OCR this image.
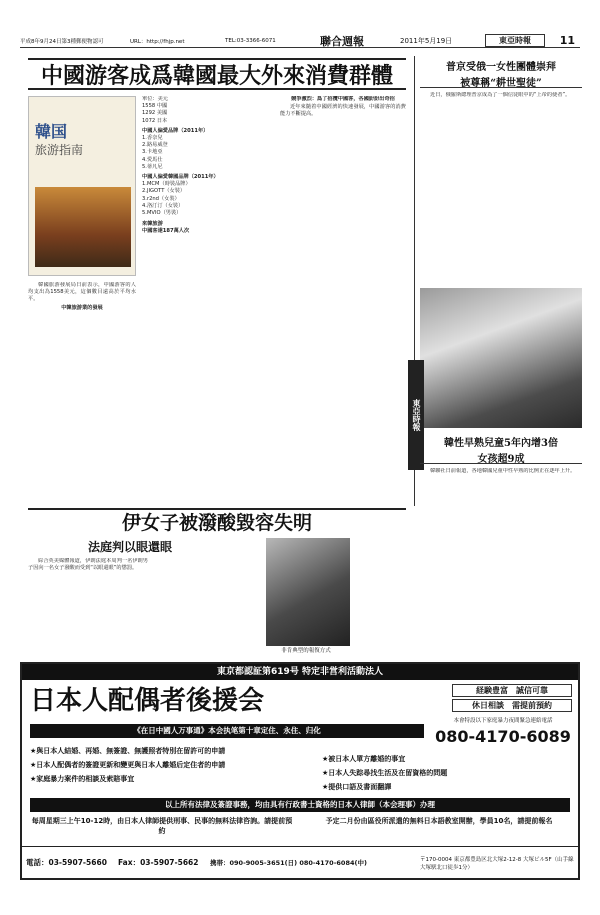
平成8年9月24日第3種郵便物認可	URL：http://fhjp.net	TEL:03-3366-6071	聯合週報	2011年5月19日	東亞時報	11
中國游客成爲韓國最大外來消費群體
韓国
旅游指南

韓國旅游發展局日前表示，中國游客的人均支出為1558美元，這個數目遠高於平均水平。

中韓旅游業的發展

單位：美元
1558 中國
1292 美國
1072 日本
中國人偏愛品牌（2011年）
1.香奈兒
2.路易威登
3.卡地亞
4.愛馬仕
5.蒂凡尼
中國人偏愛韓國品牌（2011年）
1.MCM（時裝品牌）
2.JIGOTT（女裝）
3.r2nd（女裝）
4.洛汀汀（女裝）
5.MVIO（男裝）
來韓旅游
中國客達187萬人次

競爭激烈：爲了招攬中國客，各國紛紛出奇招

近年來隨着中國經濟的快速發展，中國游客的消費能力不斷提高。

普京受俄一女性團體崇拜
被尊稱“耕世聖徒”

近日，俄羅斯總理普京成為了一個信徒眼中的“上帝的使者”。

東亞時報
韓性早熟兒童5年內增3倍
女孩超9成

韓聯社日前報道，各地韓國兒童中性早熟的比例正在逐年上升。

伊女子被潑酸毀容失明
法庭判以眼還眼

綜合英美媒體報道，伊朗法庭本周判一名伊朗男子因向一名女子潑酸而受到“以眼還眼”的懲罰。

非肯典型的報復方式
東京都認証第619号 特定非営利活動法人
日本人配偶者後援会	経験豊富　誠信可靠
休日相談　需提前預約
本會特設以下家庭暴力夜間緊急連絡電話
080-4170-6089
《在日中國人万事通》本会执笔第十章定住、永住、归化
★與日本人結婚、再婚、無簽證、無護照者特別在留許可的申請
★日本人配偶者的簽證更新和變更與日本人離婚后定住者的申請
★家庭暴力案件的相談及索賠事宜
★被日本人單方離婚的事宜
★日本人失踪尋找生活及在留資格的問題
★提供口語及書面翻譯
以上所有法律及簽證事務，均由具有行政書士資格的日本人律師（本会理事）办理
每周星期三上午10-12時，由日本人律師提供刑事、民事的無料法律咨詢。請提前預約
予定二月份由區役所派遣的無料日本語教室開辦，學員10名，請提前報名
電話：03-5907-5660	Fax：03-5907-5662	携帯：090-9005-3651(日) 080-4170-6084(中)	〒170-0004 東京都豊島区北大塚2-12-8 大塚ビル5F（山手線大塚駅北口徒歩1分）
